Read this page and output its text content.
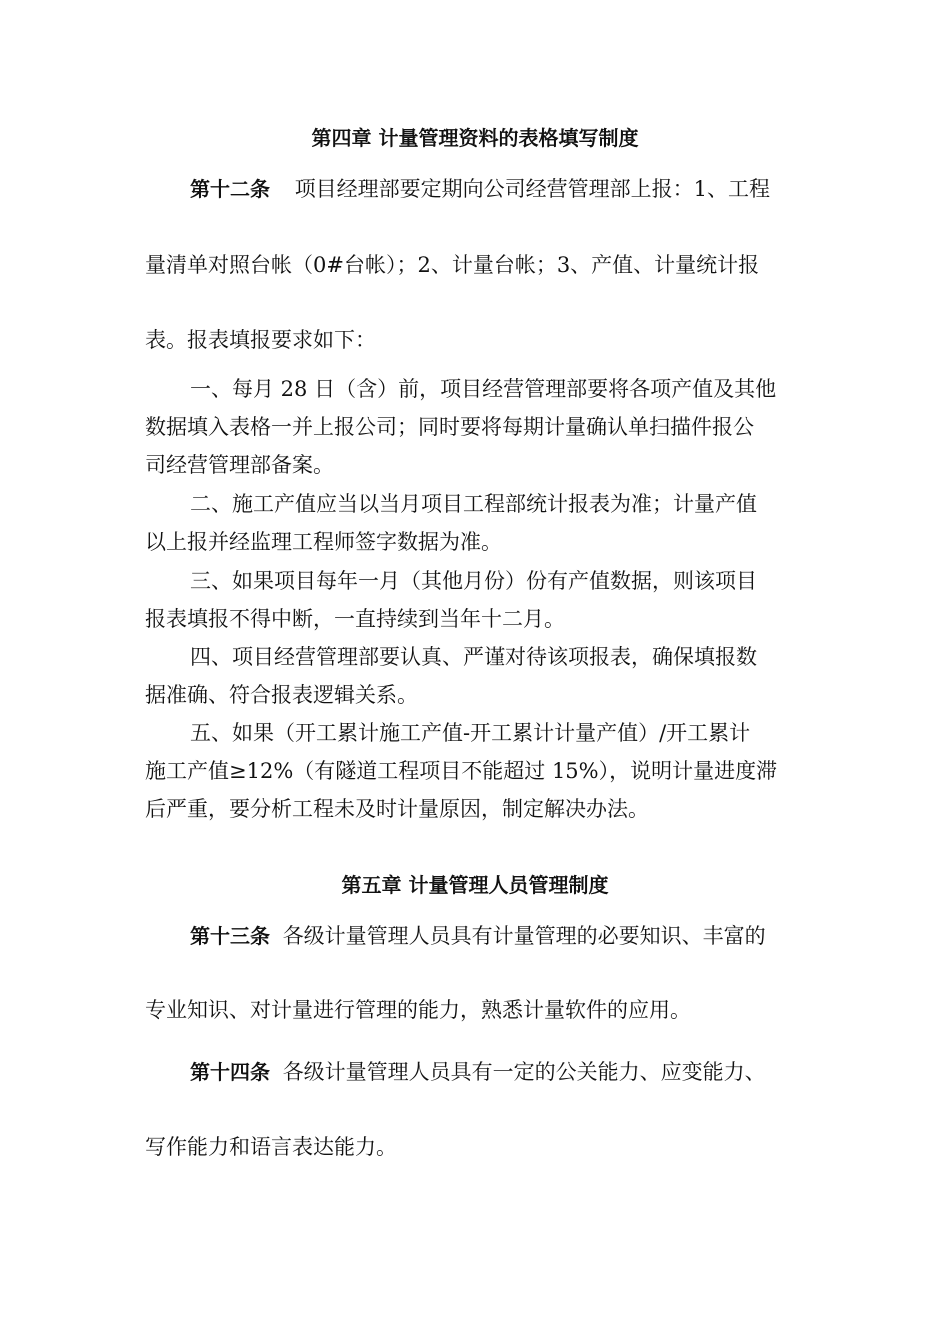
第四章 计量管理资料的表格填写制度
第十二条 项目经理部要定期向公司经营管理部上报：1、工程
量清单对照台帐（0#台帐）；2、计量台帐；3、产值、计量统计报
表。报表填报要求如下：
一、每月 28 日（含）前，项目经营管理部要将各项产值及其他
数据填入表格一并上报公司；同时要将每期计量确认单扫描件报公
司经营管理部备案。
二、施工产值应当以当月项目工程部统计报表为准；计量产值
以上报并经监理工程师签字数据为准。
三、如果项目每年一月（其他月份）份有产值数据，则该项目
报表填报不得中断，一直持续到当年十二月。
四、项目经营管理部要认真、严谨对待该项报表，确保填报数
据准确、符合报表逻辑关系。
五、如果（开工累计施工产值-开工累计计量产值）/开工累计
施工产值≥12%（有隧道工程项目不能超过 15%），说明计量进度滞
后严重，要分析工程未及时计量原因，制定解决办法。
第五章 计量管理人员管理制度
第十三条 各级计量管理人员具有计量管理的必要知识、丰富的
专业知识、对计量进行管理的能力，熟悉计量软件的应用。
第十四条 各级计量管理人员具有一定的公关能力、应变能力、
写作能力和语言表达能力。
